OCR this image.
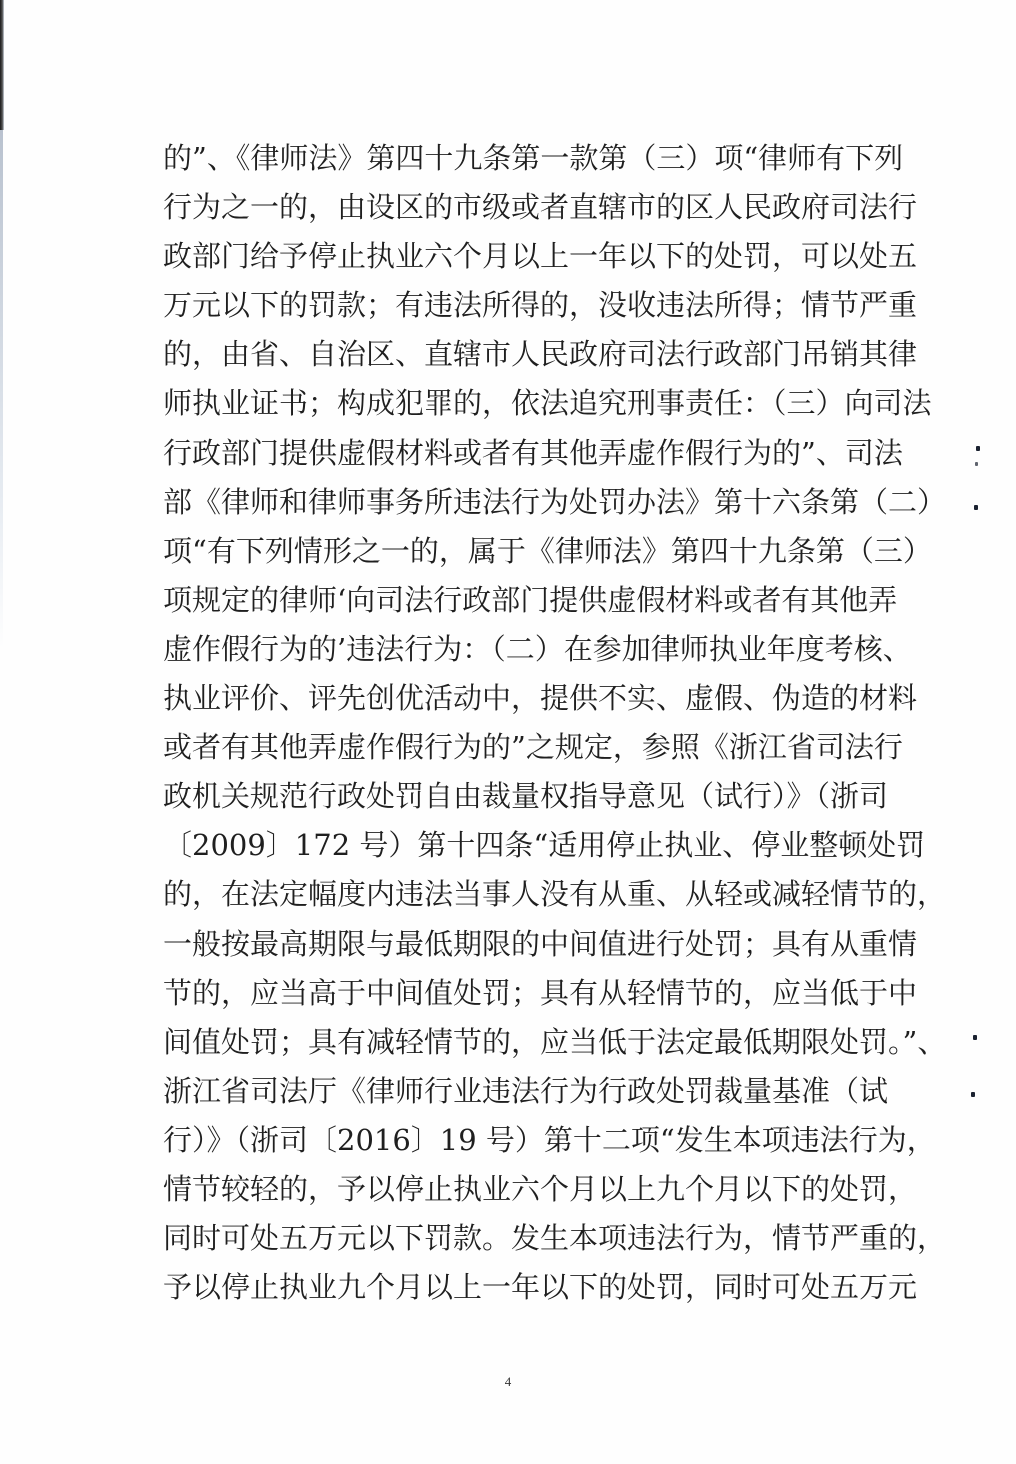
的”、《律师法》第四十九条第一款第（三）项“律师有下列
行为之一的，由设区的市级或者直辖市的区人民政府司法行
政部门给予停止执业六个月以上一年以下的处罚，可以处五
万元以下的罚款；有违法所得的，没收违法所得；情节严重
的，由省、自治区、直辖市人民政府司法行政部门吊销其律
师执业证书；构成犯罪的，依法追究刑事责任：（三）向司法
行政部门提供虚假材料或者有其他弄虚作假行为的”、司法
部《律师和律师事务所违法行为处罚办法》第十六条第（二）
项“有下列情形之一的，属于《律师法》第四十九条第（三）
项规定的律师‘向司法行政部门提供虚假材料或者有其他弄
虚作假行为的’违法行为：（二）在参加律师执业年度考核、
执业评价、评先创优活动中，提供不实、虚假、伪造的材料
或者有其他弄虚作假行为的”之规定，参照《浙江省司法行
政机关规范行政处罚自由裁量权指导意见（试行）》（浙司
〔2009〕172 号）第十四条“适用停止执业、停业整顿处罚
的，在法定幅度内违法当事人没有从重、从轻或减轻情节的，
一般按最高期限与最低期限的中间值进行处罚；具有从重情
节的，应当高于中间值处罚；具有从轻情节的，应当低于中
间值处罚；具有减轻情节的，应当低于法定最低期限处罚。”、
浙江省司法厅《律师行业违法行为行政处罚裁量基准（试
行）》（浙司〔2016〕19 号）第十二项“发生本项违法行为，
情节较轻的，予以停止执业六个月以上九个月以下的处罚，
同时可处五万元以下罚款。发生本项违法行为，情节严重的，
予以停止执业九个月以上一年以下的处罚，同时可处五万元
4
